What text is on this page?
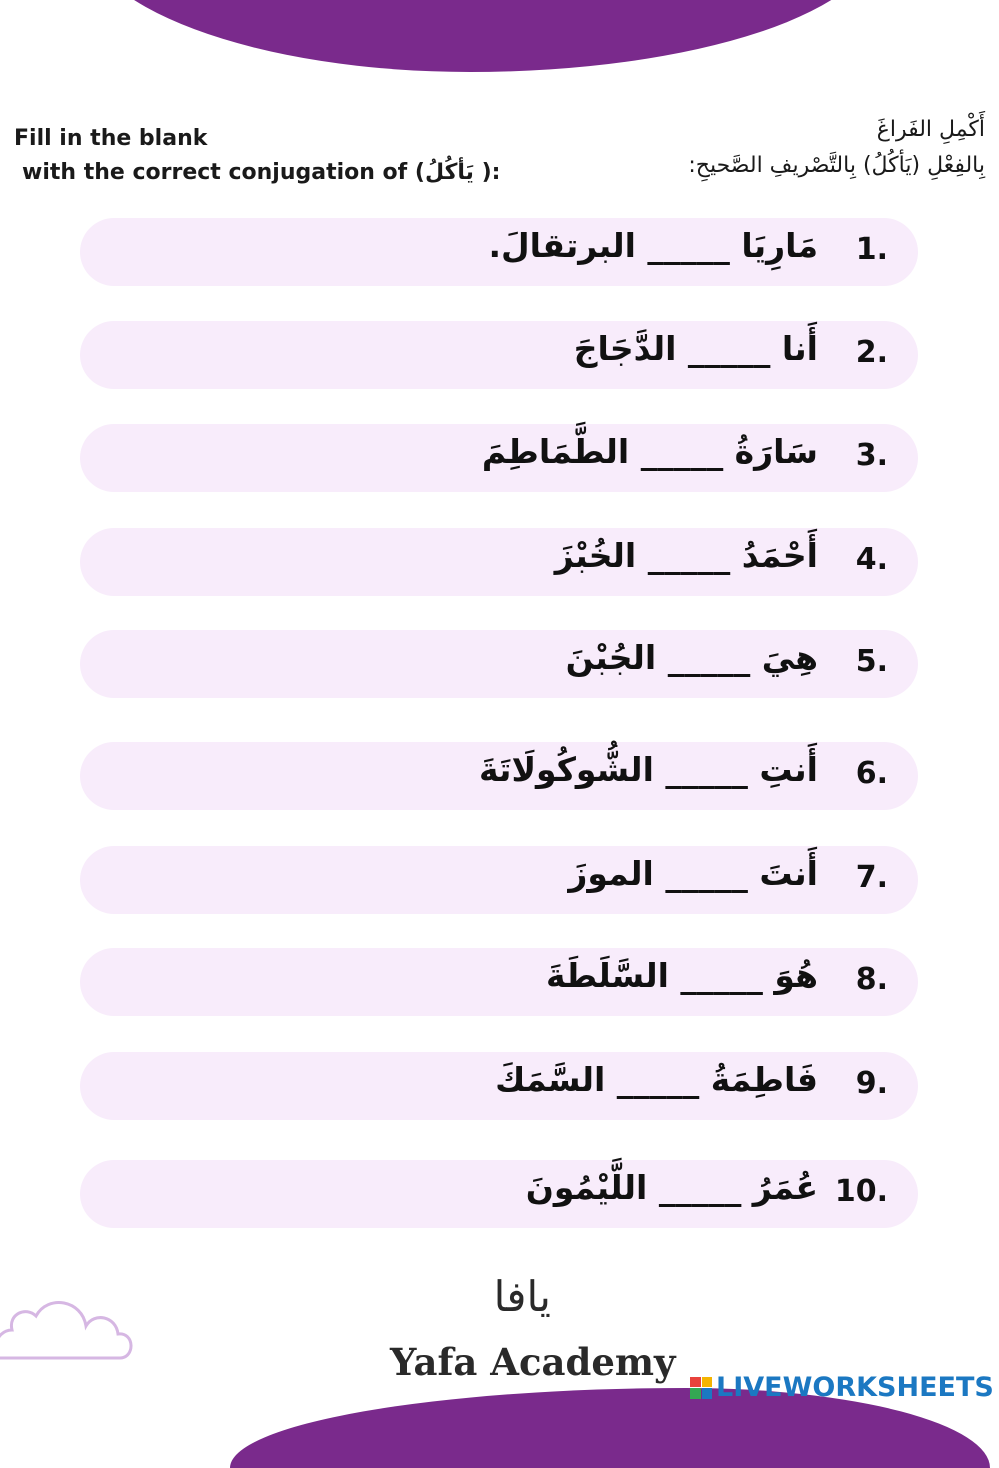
Fill in the blank
with the correct conjugation of (يَأكُلُ ):
أَكْمِلِ الفَراغَ
بِالفِعْلِ (يَأكُلُ) بِالتَّصْريفِ الصَّحيحِ:
1.
مَارِيَا _____ البرتقالَ.
2.
أَنا _____ الدَّجَاجَ
3.
سَارَةُ _____ الطَّمَاطِمَ
4.
أَحْمَدُ _____ الخُبْزَ
5.
هِيَ _____ الجُبْنَ
6.
أَنتِ _____ الشُّوكُولَاتَةَ
7.
أَنتَ _____ الموزَ
8.
هُوَ _____ السَّلَطَةَ
9.
فَاطِمَةُ _____ السَّمَكَ
10.
عُمَرُ _____ اللَّيْمُونَ
يافا
Yafa Academy
LIVEWORKSHEETS
